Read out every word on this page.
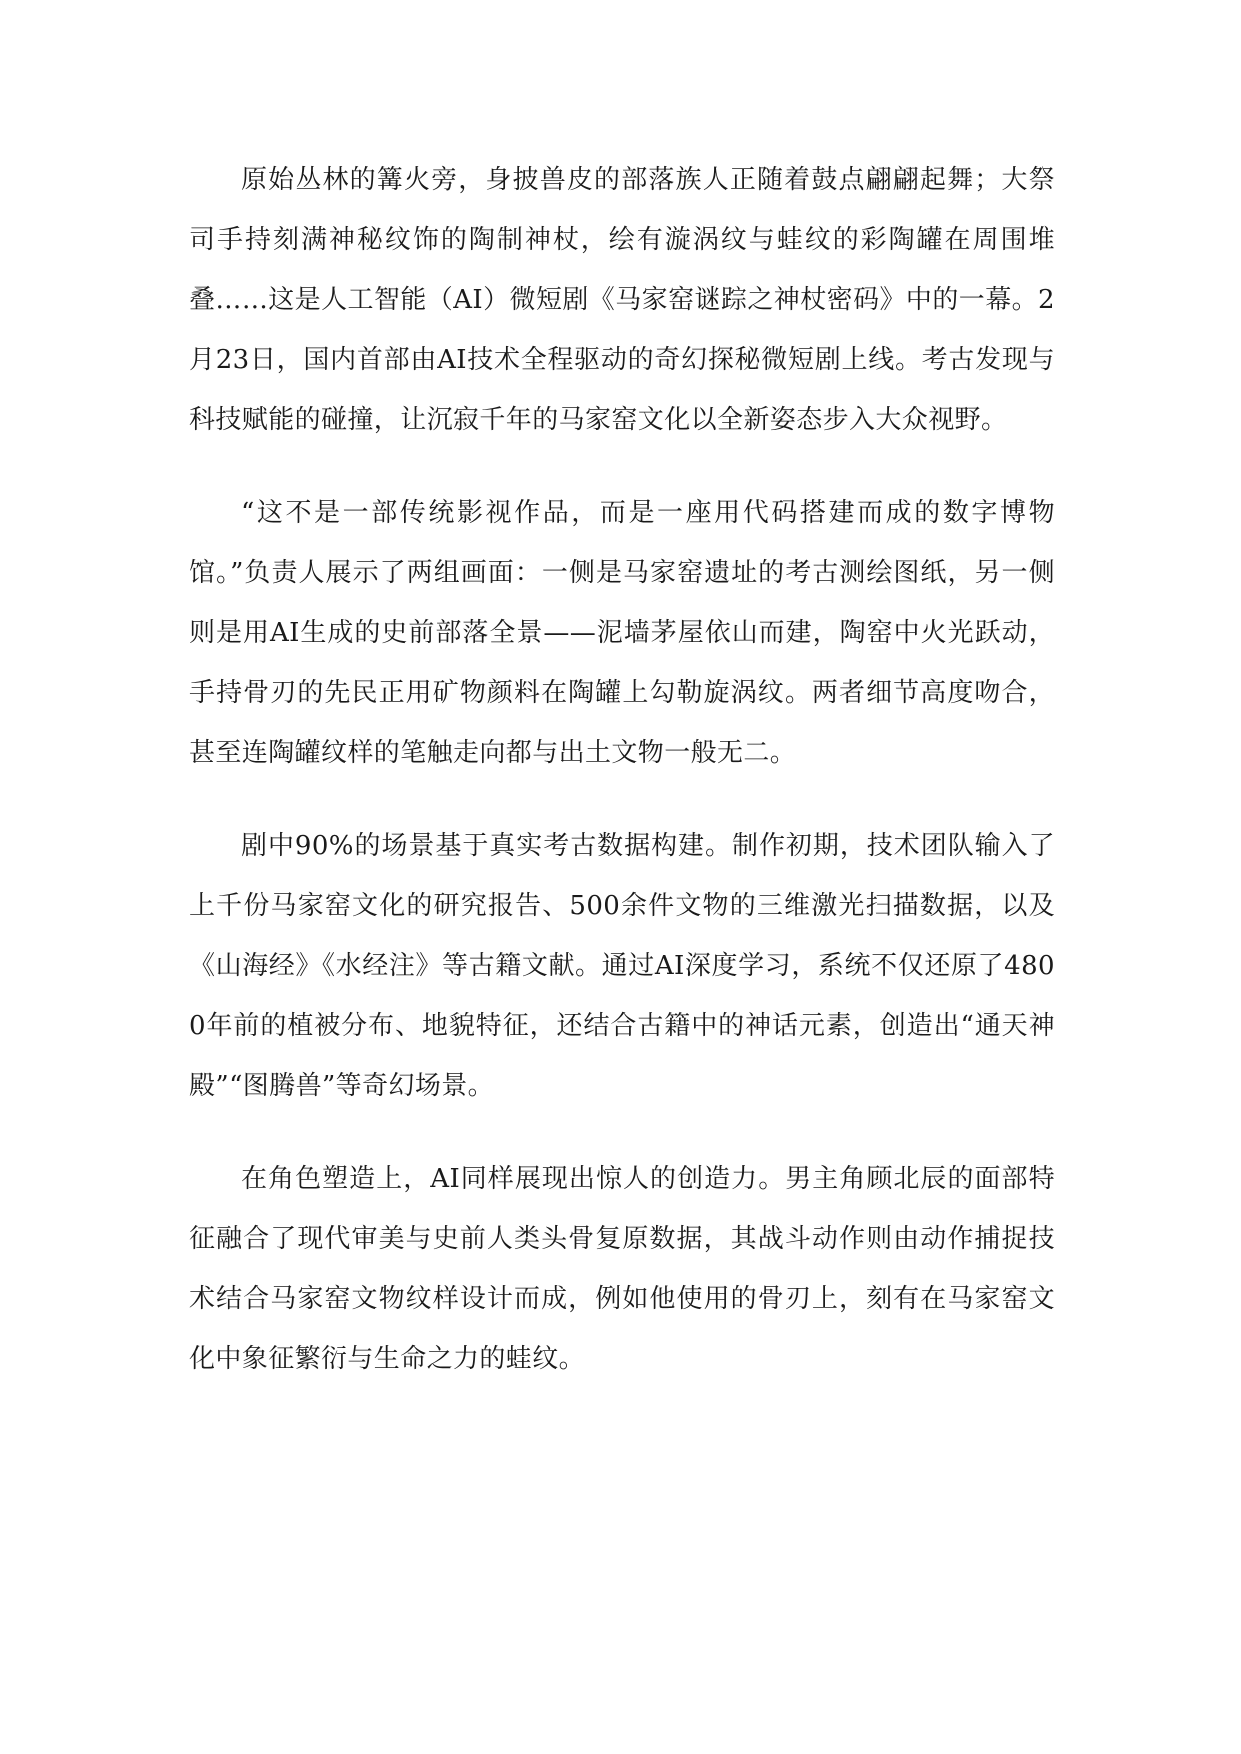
原始丛林的篝火旁，身披兽皮的部落族人正随着鼓点翩翩起舞；大祭司手持刻满神秘纹饰的陶制神杖，绘有漩涡纹与蛙纹的彩陶罐在周围堆叠……这是人工智能（AI）微短剧《马家窑谜踪之神杖密码》中的一幕。2月23日，国内首部由AI技术全程驱动的奇幻探秘微短剧上线。考古发现与科技赋能的碰撞，让沉寂千年的马家窑文化以全新姿态步入大众视野。

“这不是一部传统影视作品，而是一座用代码搭建而成的数字博物馆。”负责人展示了两组画面：一侧是马家窑遗址的考古测绘图纸，另一侧则是用AI生成的史前部落全景——泥墙茅屋依山而建，陶窑中火光跃动，手持骨刃的先民正用矿物颜料在陶罐上勾勒旋涡纹。两者细节高度吻合，甚至连陶罐纹样的笔触走向都与出土文物一般无二。

剧中90%的场景基于真实考古数据构建。制作初期，技术团队输入了上千份马家窑文化的研究报告、500余件文物的三维激光扫描数据，以及《山海经》《水经注》等古籍文献。通过AI深度学习，系统不仅还原了4800年前的植被分布、地貌特征，还结合古籍中的神话元素，创造出“通天神殿”“图腾兽”等奇幻场景。

在角色塑造上，AI同样展现出惊人的创造力。男主角顾北辰的面部特征融合了现代审美与史前人类头骨复原数据，其战斗动作则由动作捕捉技术结合马家窑文物纹样设计而成，例如他使用的骨刃上，刻有在马家窑文化中象征繁衍与生命之力的蛙纹。
